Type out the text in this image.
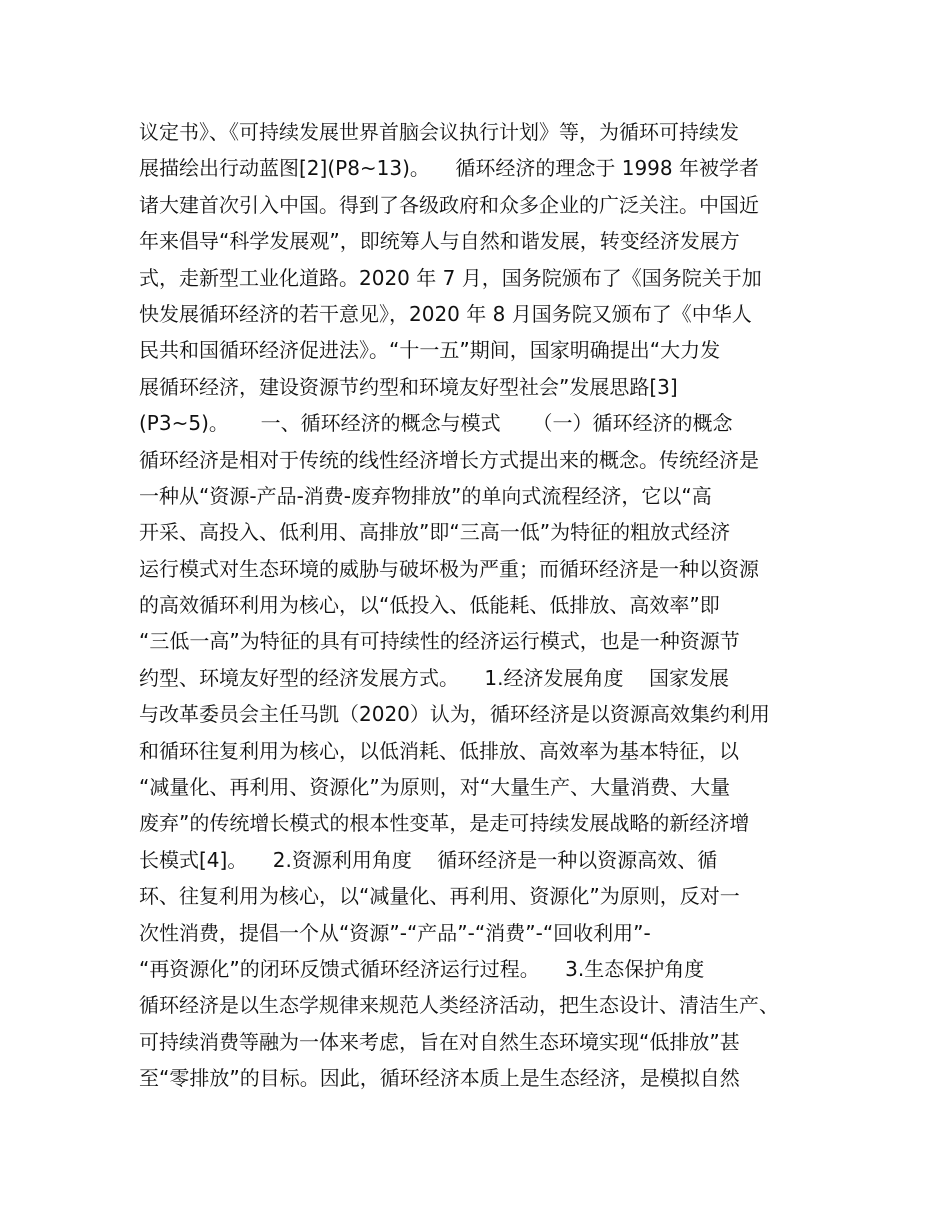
议定书》、《可持续发展世界首脑会议执行计划》等，为循环可持续发
展描绘出行动蓝图[2](P8~13)。    循环经济的理念于 1998 年被学者
诸大建首次引入中国。得到了各级政府和众多企业的广泛关注。中国近
年来倡导“科学发展观”，即统筹人与自然和谐发展，转变经济发展方
式，走新型工业化道路。2020 年 7 月，国务院颁布了《国务院关于加
快发展循环经济的若干意见》，2020 年 8 月国务院又颁布了《中华人
民共和国循环经济促进法》。“十一五”期间，国家明确提出“大力发
展循环经济，建设资源节约型和环境友好型社会”发展思路[3]
(P3~5)。     一、循环经济的概念与模式     （一）循环经济的概念
循环经济是相对于传统的线性经济增长方式提出来的概念。传统经济是
一种从“资源-产品-消费-废弃物排放”的单向式流程经济，它以“高
开采、高投入、低利用、高排放”即“三高一低”为特征的粗放式经济
运行模式对生态环境的威胁与破坏极为严重；而循环经济是一种以资源
的高效循环利用为核心，以“低投入、低能耗、低排放、高效率”即
“三低一高”为特征的具有可持续性的经济运行模式，也是一种资源节
约型、环境友好型的经济发展方式。    1.经济发展角度    国家发展
与改革委员会主任马凯（2020）认为，循环经济是以资源高效集约利用
和循环往复利用为核心，以低消耗、低排放、高效率为基本特征，以
“减量化、再利用、资源化”为原则，对“大量生产、大量消费、大量
废弃”的传统增长模式的根本性变革，是走可持续发展战略的新经济增
长模式[4]。    2.资源利用角度    循环经济是一种以资源高效、循
环、往复利用为核心，以“减量化、再利用、资源化”为原则，反对一
次性消费，提倡一个从“资源”-“产品”-“消费”-“回收利用”-
“再资源化”的闭环反馈式循环经济运行过程。    3.生态保护角度
循环经济是以生态学规律来规范人类经济活动，把生态设计、清洁生产、
可持续消费等融为一体来考虑，旨在对自然生态环境实现“低排放”甚
至“零排放”的目标。因此，循环经济本质上是生态经济，是模拟自然
